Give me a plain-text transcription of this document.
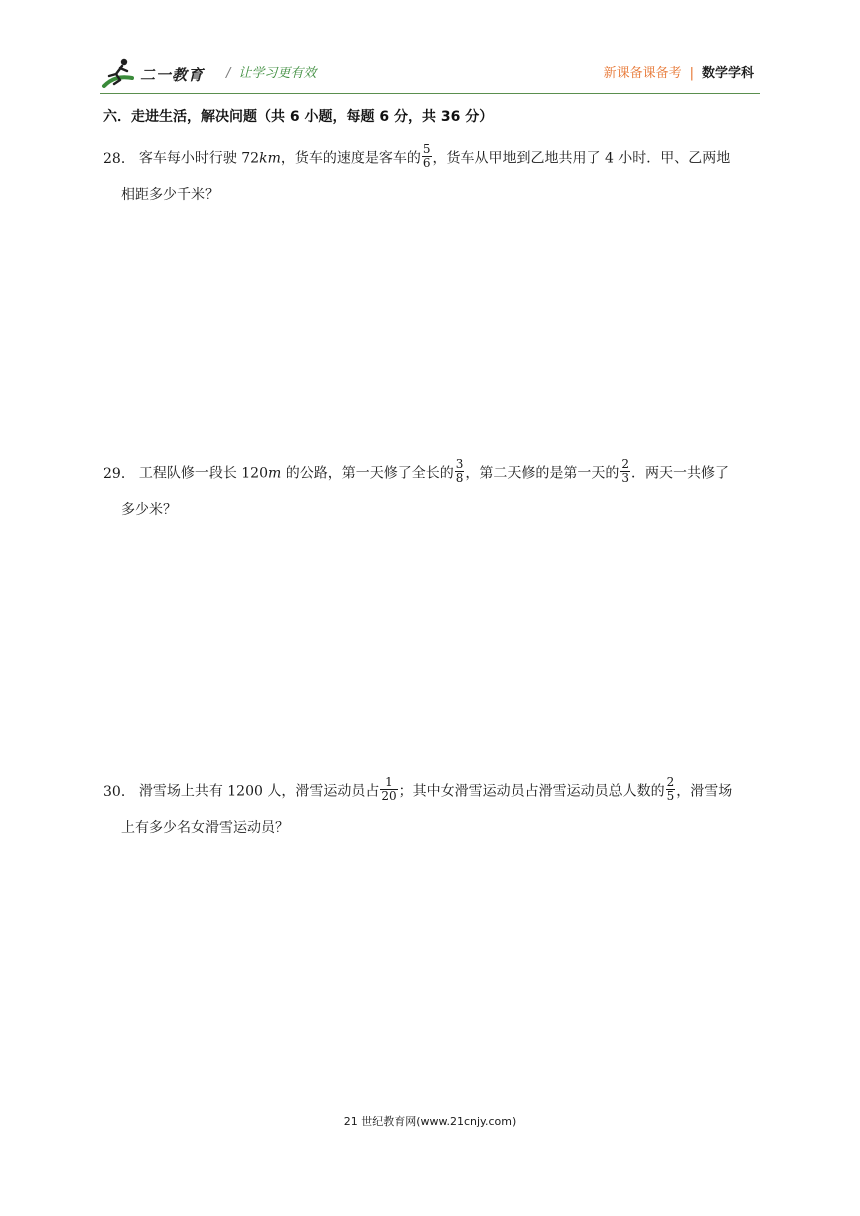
二一教育 / 让学习更有效	新课备课备考 | 数学学科
六．走进生活，解决问题（共 6 小题，每题 6 分，共 36 分）
28． 客车每小时行驶 72km，货车的速度是客车的 $\frac{5}{6}$ ，货车从甲地到乙地共用了 4 小时．甲、乙两地
相距多少千米？
29． 工程队修一段长 120m 的公路，第一天修了全长的 $\frac{3}{8}$ ，第二天修的是第一天的 $\frac{2}{3}$ ．两天一共修了
多少米？
30． 滑雪场上共有 1200 人，滑雪运动员占 $\frac{1}{20}$ ；其中女滑雪运动员占滑雪运动员总人数的 $\frac{2}{5}$ ，滑雪场
上有多少名女滑雪运动员？
21 世纪教育网(www.21cnjy.com)
